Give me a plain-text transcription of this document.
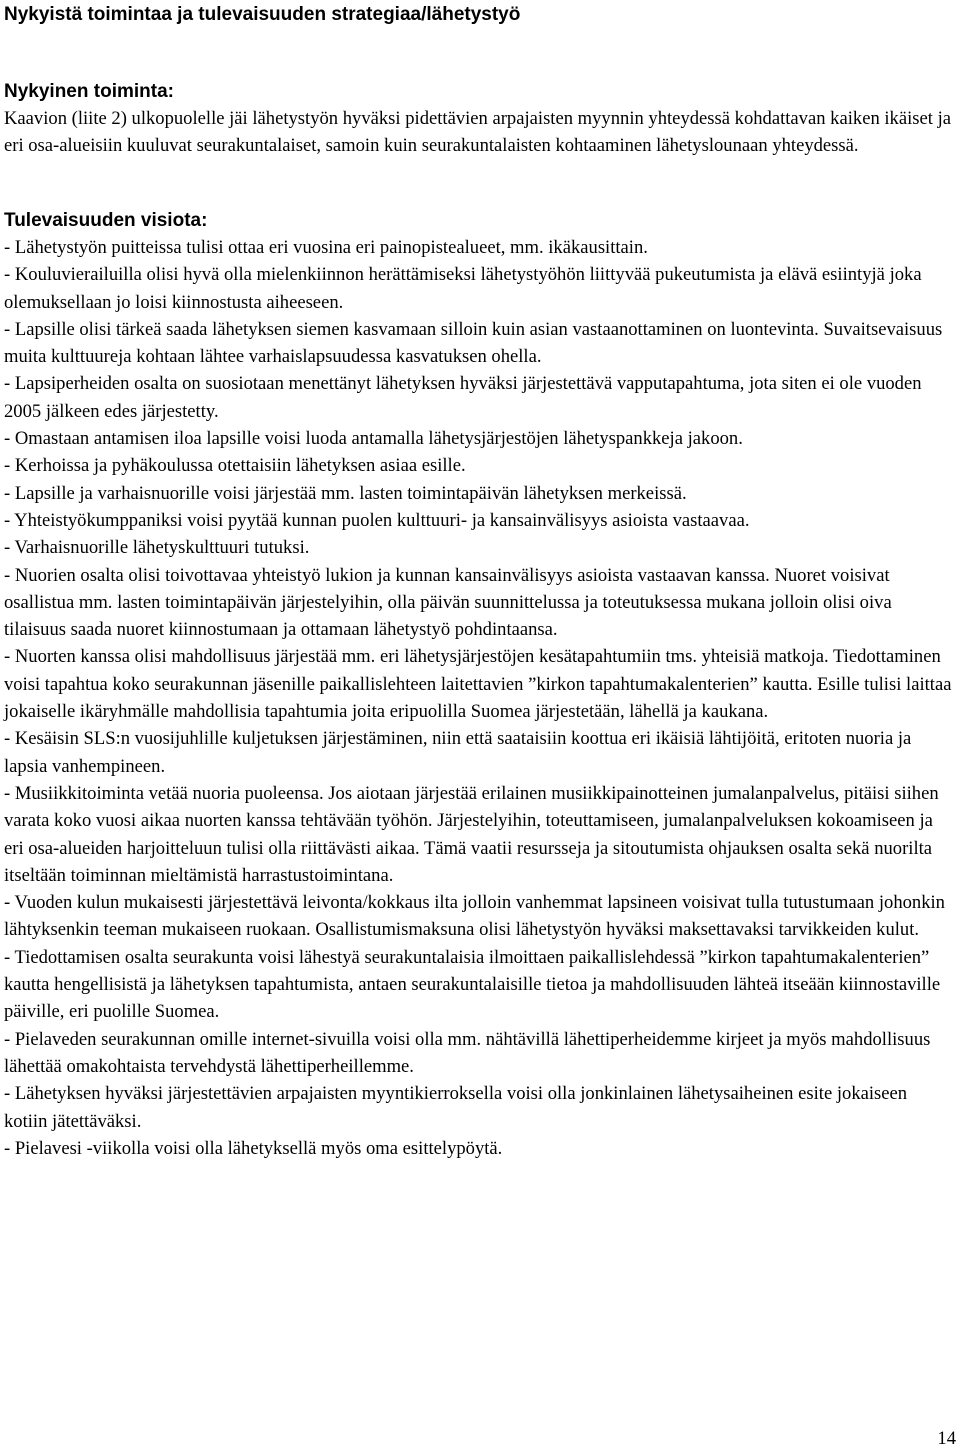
Nykyistä toimintaa ja tulevaisuuden strategiaa/lähetystyö

Nykyinen toiminta:

Kaavion (liite 2) ulkopuolelle jäi lähetystyön hyväksi pidettävien arpajaisten myynnin yhteydessä kohdattavan kaiken ikäiset ja eri osa-alueisiin kuuluvat seurakuntalaiset, samoin kuin seurakuntalaisten kohtaaminen lähetyslounaan yhteydessä.

Tulevaisuuden visiota:

- Lähetystyön puitteissa tulisi ottaa eri vuosina eri painopistealueet, mm. ikäkausittain.

- Kouluvierailuilla olisi hyvä olla mielenkiinnon herättämiseksi lähetystyöhön liittyvää pukeutumista ja elävä esiintyjä joka olemuksellaan jo loisi kiinnostusta aiheeseen.

- Lapsille olisi tärkeä saada lähetyksen siemen kasvamaan silloin kuin asian vastaanottaminen on luontevinta. Suvaitsevaisuus muita kulttuureja kohtaan lähtee varhaislapsuudessa kasvatuksen ohella.

- Lapsiperheiden osalta on suosiotaan menettänyt lähetyksen hyväksi järjestettävä vapputapahtuma, jota siten ei ole vuoden 2005 jälkeen edes järjestetty.

- Omastaan antamisen iloa lapsille voisi luoda antamalla lähetysjärjestöjen lähetyspankkeja jakoon.

- Kerhoissa ja pyhäkoulussa otettaisiin lähetyksen asiaa esille.

- Lapsille ja varhaisnuorille voisi järjestää mm. lasten toimintapäivän lähetyksen merkeissä.

- Yhteistyökumppaniksi voisi pyytää kunnan puolen kulttuuri- ja kansainvälisyys asioista vastaavaa.

- Varhaisnuorille lähetyskulttuuri tutuksi.

- Nuorien osalta olisi toivottavaa yhteistyö lukion ja kunnan kansainvälisyys asioista vastaavan kanssa. Nuoret voisivat osallistua mm. lasten toimintapäivän järjestelyihin, olla päivän suunnittelussa ja toteutuksessa mukana jolloin olisi oiva tilaisuus saada nuoret kiinnostumaan ja ottamaan lähetystyö pohdintaansa.

- Nuorten kanssa olisi mahdollisuus järjestää mm. eri lähetysjärjestöjen kesätapahtumiin tms. yhteisiä matkoja. Tiedottaminen voisi tapahtua koko seurakunnan jäsenille paikallislehteen laitettavien ”kirkon tapahtumakalenterien” kautta. Esille tulisi laittaa jokaiselle ikäryhmälle mahdollisia tapahtumia joita eripuolilla Suomea järjestetään, lähellä ja kaukana.

- Kesäisin SLS:n vuosijuhlille kuljetuksen järjestäminen, niin että saataisiin koottua eri ikäisiä lähtijöitä, eritoten nuoria ja lapsia vanhempineen.

- Musiikkitoiminta vetää nuoria puoleensa. Jos aiotaan järjestää erilainen musiikkipainotteinen jumalanpalvelus, pitäisi siihen varata koko vuosi aikaa nuorten kanssa tehtävään työhön. Järjestelyihin, toteuttamiseen, jumalanpalveluksen kokoamiseen ja eri osa-alueiden harjoitteluun tulisi olla riittävästi aikaa. Tämä vaatii resursseja ja sitoutumista ohjauksen osalta sekä nuorilta itseltään toiminnan mieltämistä harrastustoimintana.

- Vuoden kulun mukaisesti järjestettävä leivonta/kokkaus ilta jolloin vanhemmat lapsineen voisivat tulla tutustumaan johonkin lähtyksenkin teeman mukaiseen ruokaan. Osallistumismaksuna olisi lähetystyön hyväksi maksettavaksi tarvikkeiden kulut.

- Tiedottamisen osalta seurakunta voisi lähestyä seurakuntalaisia ilmoittaen paikallislehdessä ”kirkon tapahtumakalenterien” kautta hengellisistä ja lähetyksen tapahtumista, antaen seurakuntalaisille tietoa ja mahdollisuuden lähteä itseään kiinnostaville päiville, eri puolille Suomea.

- Pielaveden seurakunnan omille internet-sivuilla voisi olla mm. nähtävillä lähettiperheidemme kirjeet ja myös mahdollisuus lähettää omakohtaista tervehdystä lähettiperheillemme.

- Lähetyksen hyväksi järjestettävien arpajaisten myyntikierroksella voisi olla jonkinlainen lähetysaiheinen esite jokaiseen kotiin jätettäväksi.

- Pielavesi -viikolla voisi olla lähetyksellä myös oma esittelypöytä.

14
